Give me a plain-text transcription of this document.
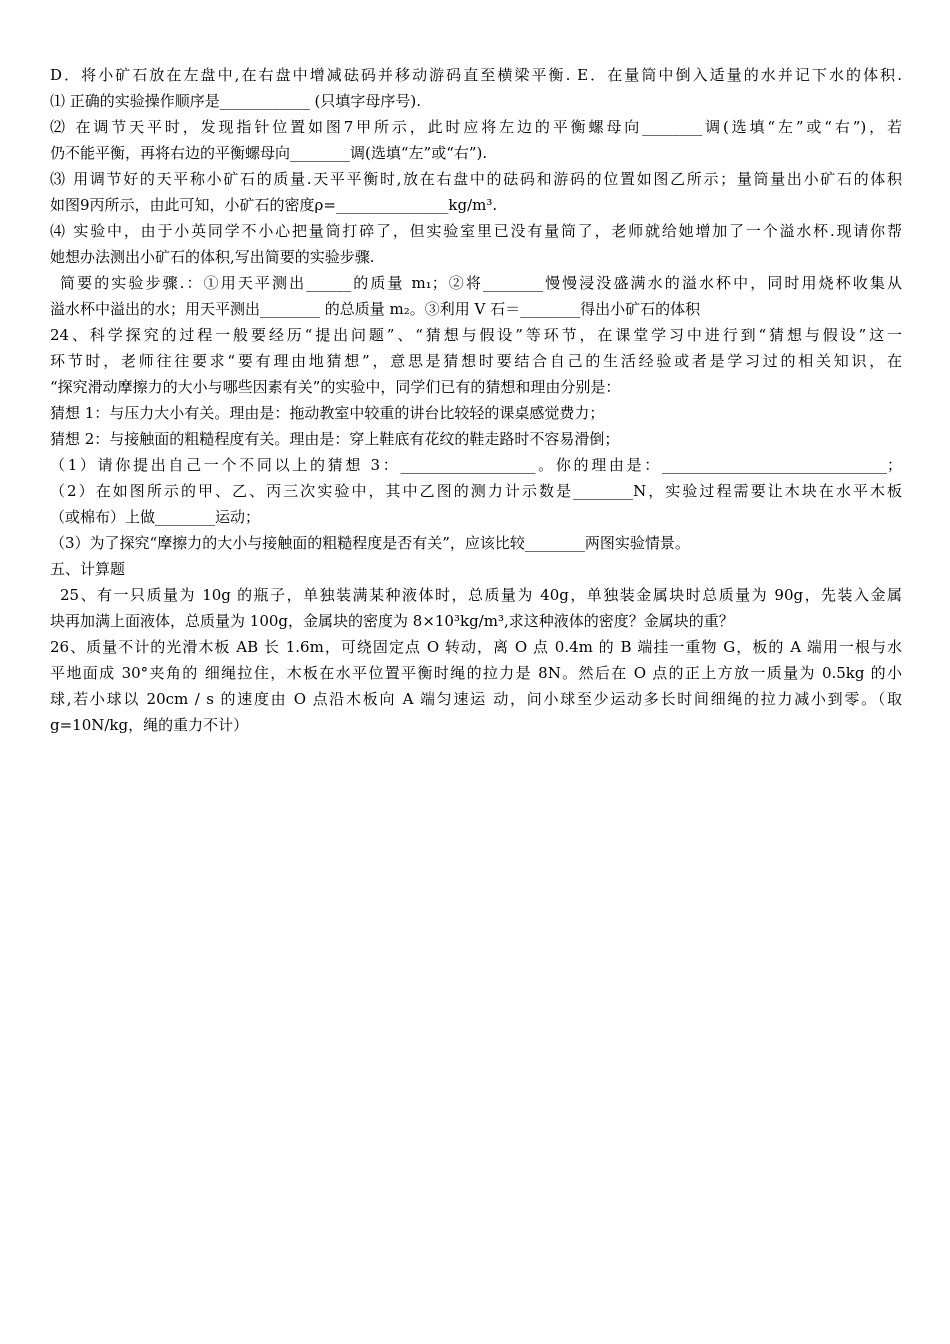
D．将小矿石放在左盘中,在右盘中增减砝码并移动游码直至横梁平衡. E．在量筒中倒入适量的水并记下水的体积.
⑴ 正确的实验操作顺序是____________ (只填字母序号).
⑵ 在调节天平时，发现指针位置如图7甲所示，此时应将左边的平衡螺母向________调(选填“左”或“右”)，若
仍不能平衡，再将右边的平衡螺母向________调(选填“左”或“右”).
⑶ 用调节好的天平称小矿石的质量.天平平衡时,放在右盘中的砝码和游码的位置如图乙所示；量筒量出小矿石的体积
如图9丙所示，由此可知，小矿石的密度ρ=_______________kg/m³.
⑷ 实验中，由于小英同学不小心把量筒打碎了，但实验室里已没有量筒了，老师就给她增加了一个溢水杯.现请你帮
她想办法测出小矿石的体积,写出简要的实验步骤.
简要的实验步骤.：①用天平测出______的质量 m₁；②将________慢慢浸没盛满水的溢水杯中，同时用烧杯收集从
溢水杯中溢出的水；用天平测出________ 的总质量 m₂。③利用 V 石＝________得出小矿石的体积
24、科学探究的过程一般要经历“提出问题”、“猜想与假设”等环节，在课堂学习中进行到“猜想与假设”这一
环节时，老师往往要求“要有理由地猜想”，意思是猜想时要结合自己的生活经验或者是学习过的相关知识，在
“探究滑动摩擦力的大小与哪些因素有关”的实验中，同学们已有的猜想和理由分别是：
猜想 1：与压力大小有关。理由是：拖动教室中较重的讲台比较轻的课桌感觉费力；
猜想 2：与接触面的粗糙程度有关。理由是：穿上鞋底有花纹的鞋走路时不容易滑倒；
（1）请你提出自己一个不同以上的猜想 3：__________________。你的理由是：______________________________；
（2）在如图所示的甲、乙、丙三次实验中，其中乙图的测力计示数是________N，实验过程需要让木块在水平木板
（或棉布）上做________运动；
（3）为了探究“摩擦力的大小与接触面的粗糙程度是否有关”，应该比较________两图实验情景。
五、计算题
25、有一只质量为 10g 的瓶子，单独装满某种液体时，总质量为 40g，单独装金属块时总质量为 90g，先装入金属
块再加满上面液体，总质量为 100g，金属块的密度为 8×10³kg/m³,求这种液体的密度？金属块的重？
26、质量不计的光滑木板 AB 长 1.6m，可绕固定点 O 转动，离 O 点 0.4m 的 B 端挂一重物 G，板的 A 端用一根与水
平地面成 30°夹角的 细绳拉住，木板在水平位置平衡时绳的拉力是 8N。然后在 O 点的正上方放一质量为 0.5kg 的小
球,若小球以 20cm / s 的速度由 O 点沿木板向 A 端匀速运 动，问小球至少运动多长时间细绳的拉力减小到零。（取
g=10N/kg，绳的重力不计）
